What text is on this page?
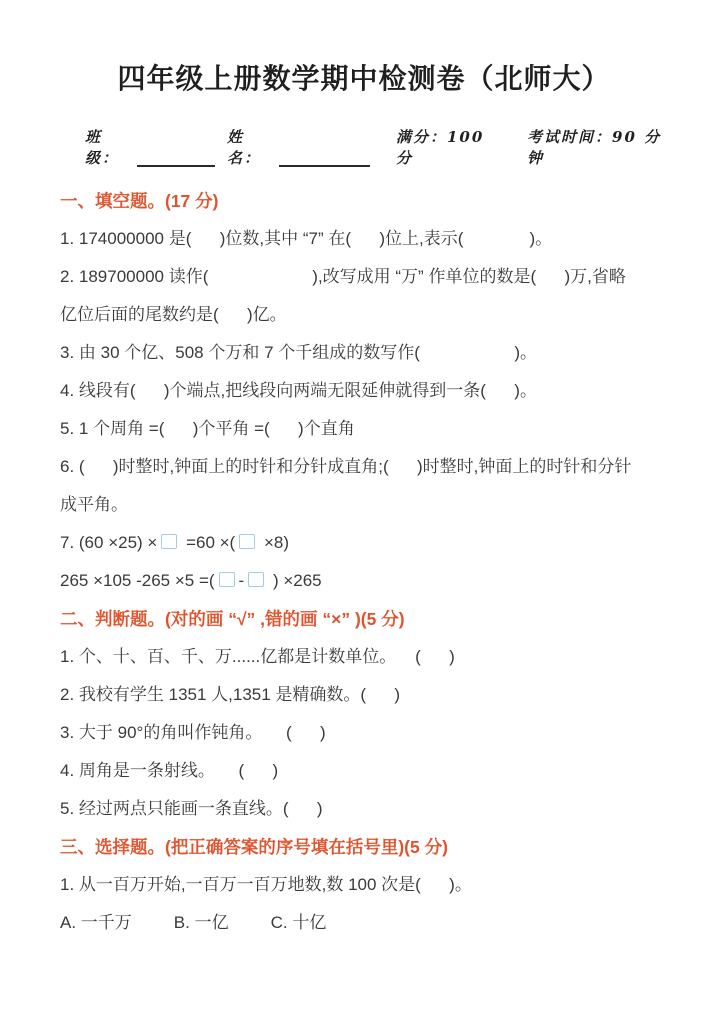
四年级上册数学期中检测卷（北师大）
班级：
姓名：
满分：100 分
考试时间：90 分钟
一、填空题。(17 分)
1. 174000000 是(      )位数,其中 “7” 在(      )位上,表示(              )。
2. 189700000 读作(                      ),改写成用 “万” 作单位的数是(      )万,省略
亿位后面的尾数约是(      )亿。
3. 由 30 个亿、508 个万和 7 个千组成的数写作(                    )。
4. 线段有(      )个端点,把线段向两端无限延伸就得到一条(      )。
5. 1 个周角 =(      )个平角 =(      )个直角
6. (      )时整时,钟面上的时针和分针成直角;(      )时整时,钟面上的时针和分针
成平角。
7. (60 ×25) × =60 ×( ×8)
265 ×105 -265 ×5 =( - ) ×265
二、判断题。(对的画 “√” ,错的画 “×” )(5 分)
1. 个、十、百、千、万......亿都是计数单位。    (      )
2. 我校有学生 1351 人,1351 是精确数。(      )
3. 大于 90°的角叫作钝角。     (      )
4. 周角是一条射线。     (      )
5. 经过两点只能画一条直线。(      )
三、选择题。(把正确答案的序号填在括号里)(5 分)
1. 从一百万开始,一百万一百万地数,数 100 次是(      )。
A. 一千万 B. 一亿 C. 十亿
